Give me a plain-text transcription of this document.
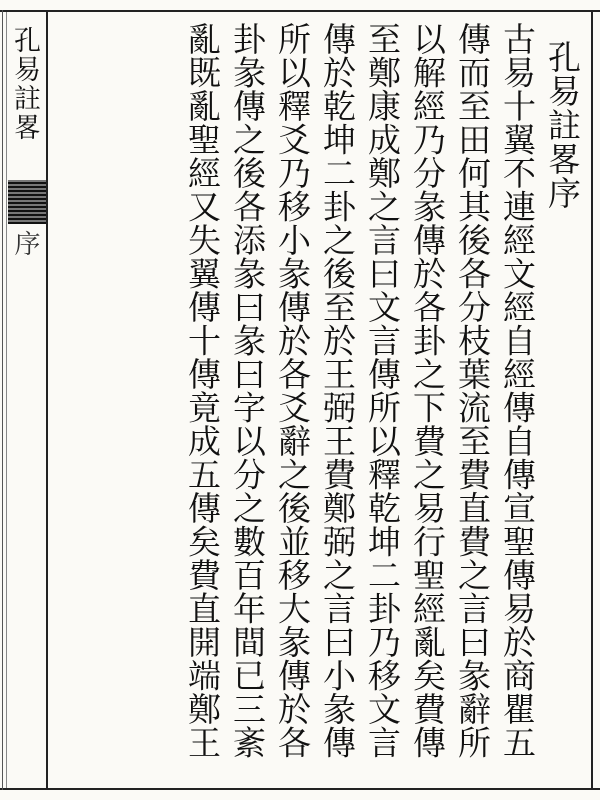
孔易註畧
序
孔易註畧序
古易十翼不連經文經自經傳自傳宣聖傳易於商瞿五
傳而至田何其後各分枝葉流至費直費之言曰彖辭所
以解經乃分彖傳於各卦之下費之易行聖經亂矣費傳
至鄭康成鄭之言曰文言傳所以釋乾坤二卦乃移文言
傳於乾坤二卦之後至於王弼王費鄭弼之言曰小彖傳
所以釋爻乃移小彖傳於各爻辭之後並移大彖傳於各
卦彖傳之後各添彖曰彖曰字以分之數百年間已三紊
亂既亂聖經又失翼傳十傳竟成五傳矣費直開端鄭王
